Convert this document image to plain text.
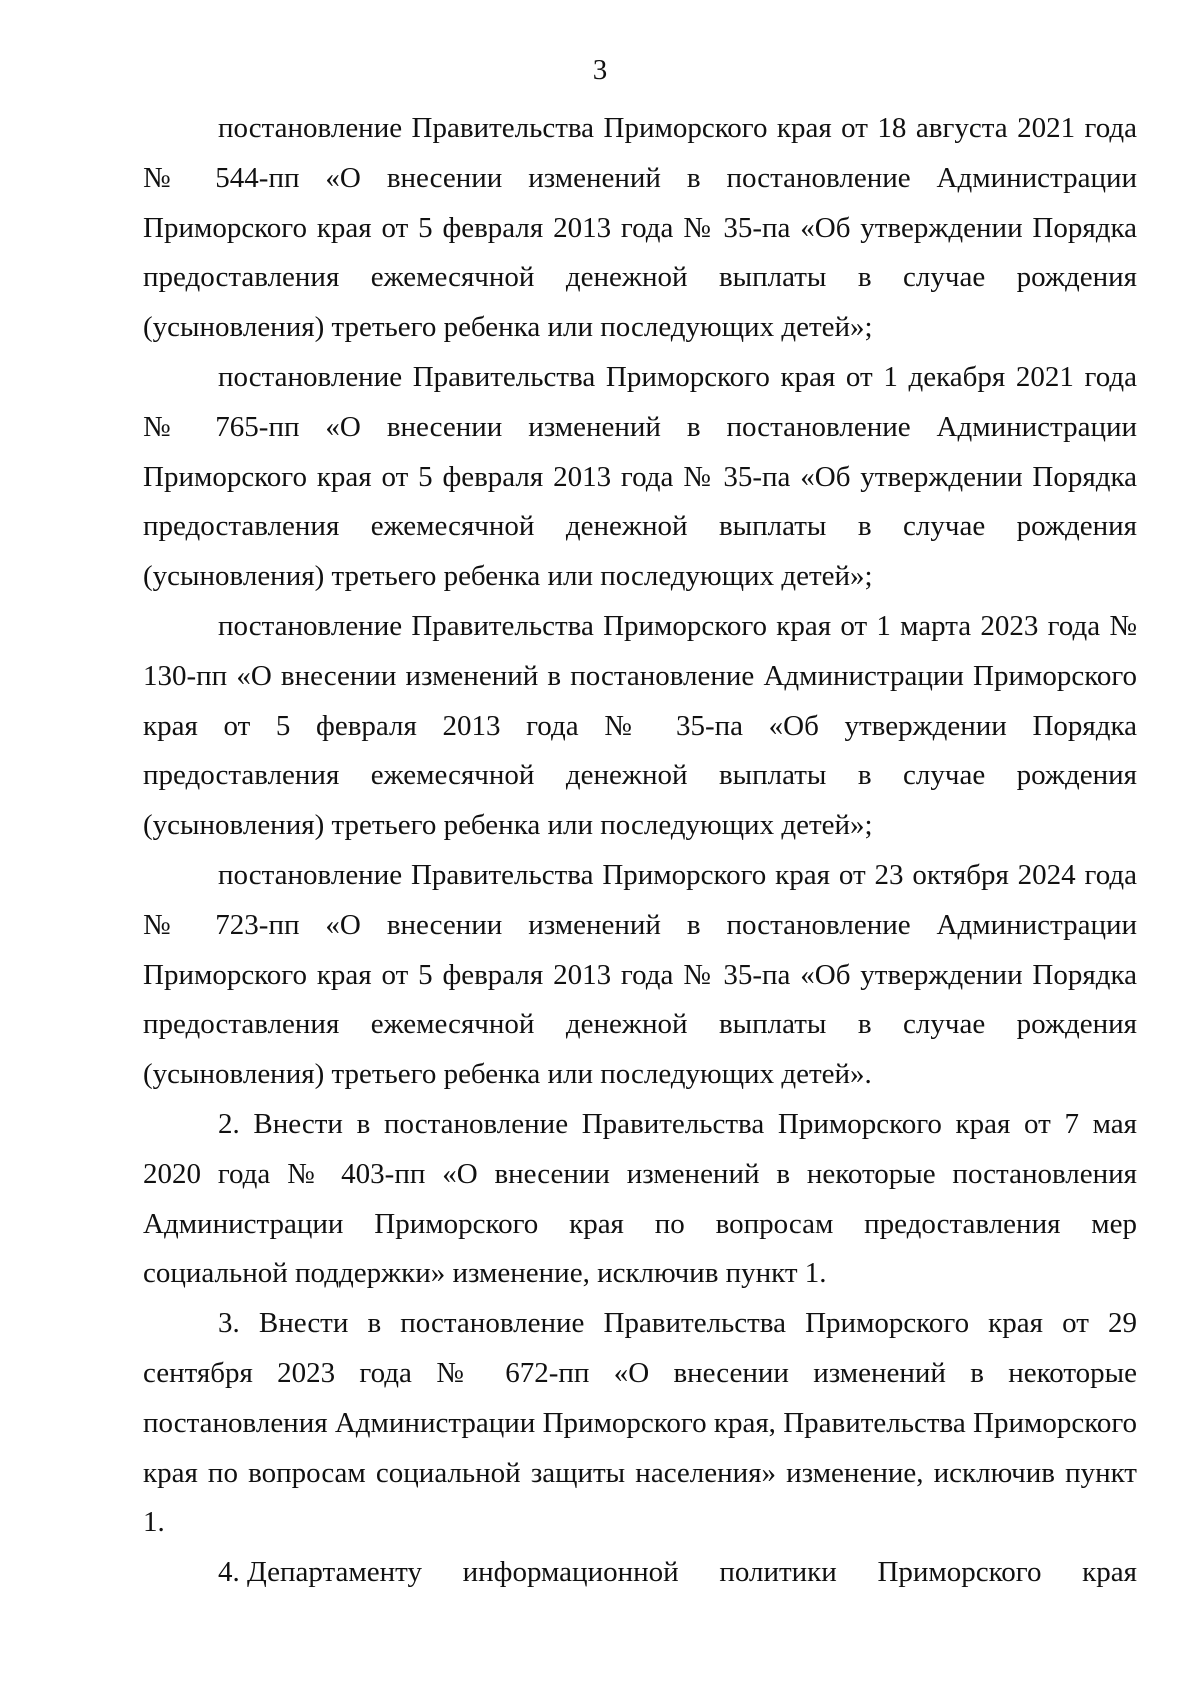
3

постановление Правительства Приморского края от 18 августа 2021 года № 544-пп «О внесении изменений в постановление Администрации Приморского края от 5 февраля 2013 года № 35-па «Об утверждении Порядка предоставления ежемесячной денежной выплаты в случае рождения (усыновления) третьего ребенка или последующих детей»;

постановление Правительства Приморского края от 1 декабря 2021 года № 765-пп «О внесении изменений в постановление Администрации Приморского края от 5 февраля 2013 года № 35-па «Об утверждении Порядка предоставления ежемесячной денежной выплаты в случае рождения (усыновления) третьего ребенка или последующих детей»;

постановление Правительства Приморского края от 1 марта 2023 года № 130-пп «О внесении изменений в постановление Администрации Приморского края от 5 февраля 2013 года № 35-па «Об утверждении Порядка предоставления ежемесячной денежной выплаты в случае рождения (усыновления) третьего ребенка или последующих детей»;

постановление Правительства Приморского края от 23 октября 2024 года № 723-пп «О внесении изменений в постановление Администрации Приморского края от 5 февраля 2013 года № 35-па «Об утверждении Порядка предоставления ежемесячной денежной выплаты в случае рождения (усыновления) третьего ребенка или последующих детей».

2. Внести в постановление Правительства Приморского края от 7 мая 2020 года № 403-пп «О внесении изменений в некоторые постановления Администрации Приморского края по вопросам предоставления мер социальной поддержки» изменение, исключив пункт 1.

3. Внести в постановление Правительства Приморского края от 29 сентября 2023 года № 672-пп «О внесении изменений в некоторые постановления Администрации Приморского края, Правительства Приморского края по вопросам социальной защиты населения» изменение, исключив пункт 1.

4. Департаменту информационной политики Приморского края
